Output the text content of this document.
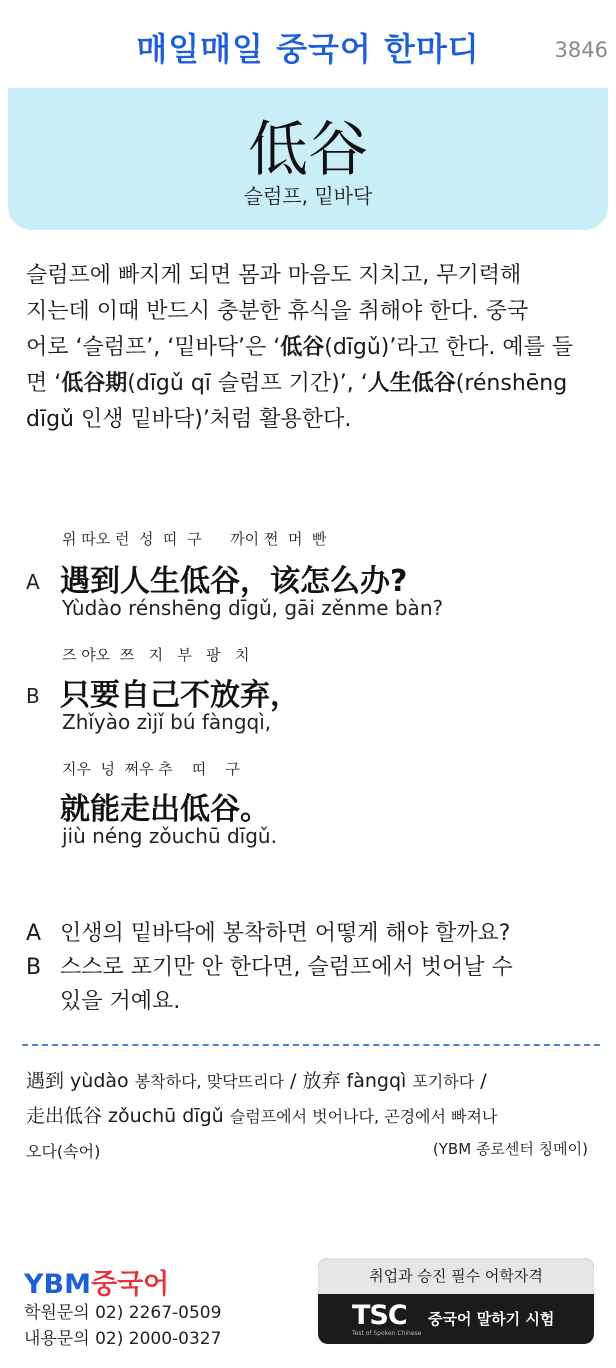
매일매일 중국어 한마디	3846
低谷
슬럼프, 밑바닥
슬럼프에 빠지게 되면 몸과 마음도 지치고, 무기력해
지는데 이때 반드시 충분한 휴식을 취해야 한다. 중국
어로 ‘슬럼프’, ‘밑바닥’은 ‘低谷(dīgǔ)’라고 한다. 예를 들
면 ‘低谷期(dīgǔ qī 슬럼프 기간)’, ‘人生低谷(rénshēng
dīgǔ 인생 밑바닥)’처럼 활용한다.
위 따오 런  성  띠  구      까이 쩐  머  빤
A 遇到人生低谷，该怎么办?
Yùdào rénshēng dīgǔ, gāi zěnme bàn?
즈 야오  쯔   지   부   팡   치
B 只要自己不放弃，
Zhǐyào zìjǐ bú fàngqì,
지우  넝  쩌우 추    띠    구
就能走出低谷。
jiù néng zǒuchū dīgǔ.
A 인생의 밑바닥에 봉착하면 어떻게 해야 할까요?
B 스스로 포기만 안 한다면, 슬럼프에서 벗어날 수
있을 거예요.
遇到 yùdào 봉착하다, 맞닥뜨리다 / 放弃 fàngqì 포기하다 /
走出低谷 zǒuchū dīgǔ 슬럼프에서 벗어나다, 곤경에서 빠져나
오다(속어)	(YBM 종로센터 칭메이)
YBM중국어
학원문의 02) 2267-0509
내용문의 02) 2000-0327
취업과 승진 필수 어학자격
TSC
Test of Spoken Chinese
중국어 말하기 시험
